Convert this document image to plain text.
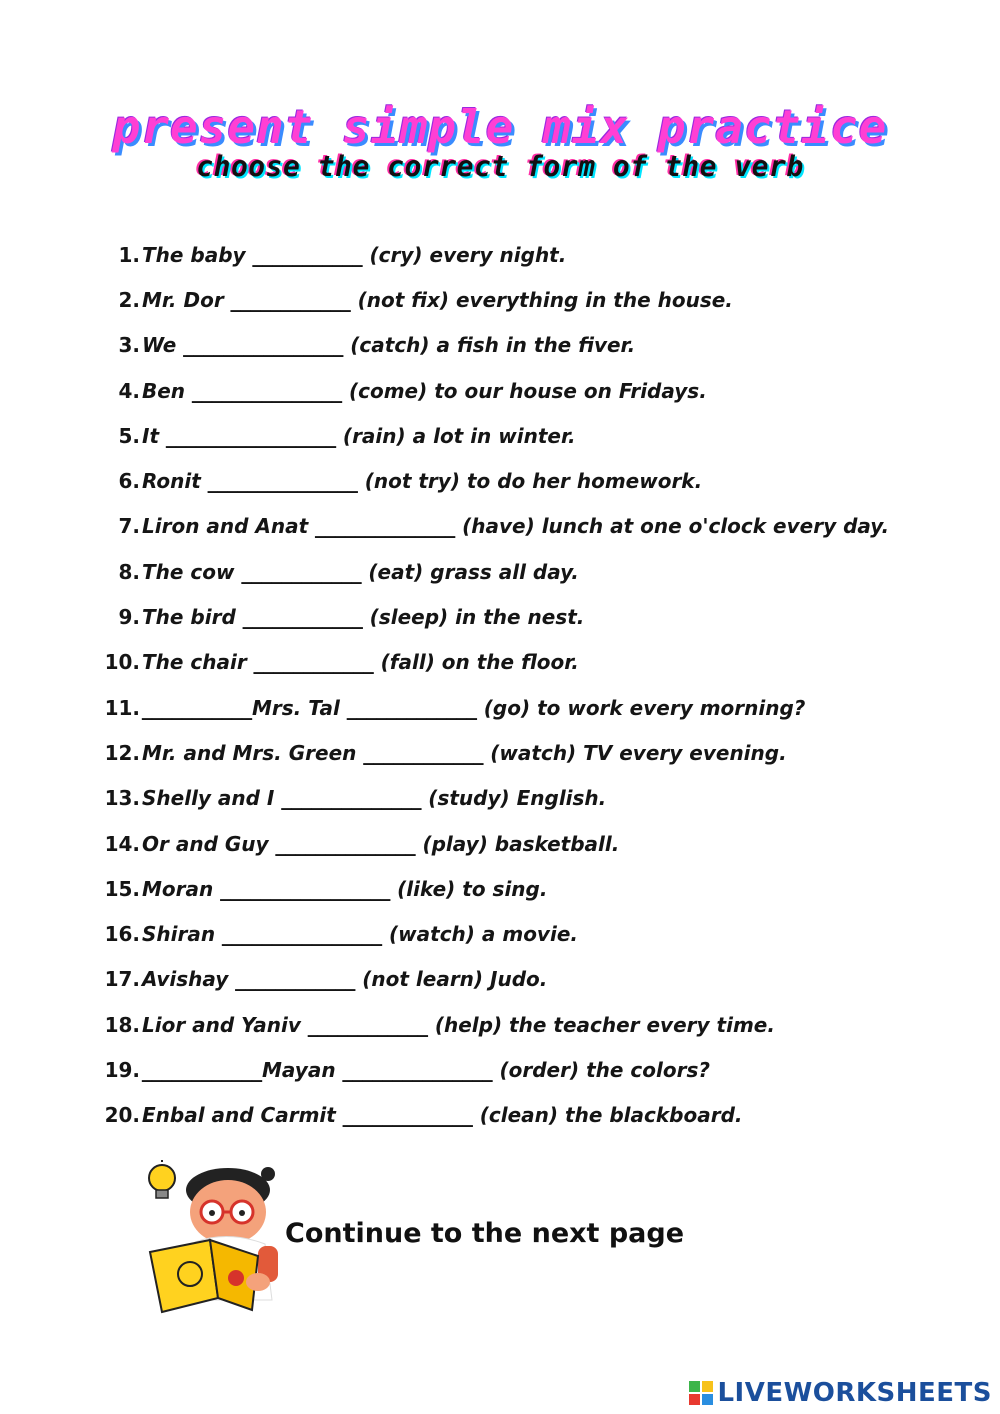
present simple mix practice
choose the correct form of the verb
1. The baby ___________ (cry) every night.
2. Mr. Dor ____________ (not fix) everything in the house.
3. We ________________ (catch) a fish in the fiver.
4. Ben _______________ (come) to our house on Fridays.
5. It _________________ (rain) a lot in winter.
6. Ronit _______________ (not try) to do her homework.
7. Liron and Anat ______________ (have) lunch at one o'clock every day.
8. The cow ____________ (eat) grass all day.
9. The bird ____________ (sleep) in the nest.
10. The chair ____________ (fall) on the floor.
11. ___________Mrs. Tal _____________ (go) to work every morning?
12. Mr. and Mrs. Green ____________ (watch) TV every evening.
13. Shelly and I ______________ (study) English.
14. Or and Guy ______________ (play) basketball.
15. Moran _________________ (like) to sing.
16. Shiran ________________ (watch) a movie.
17. Avishay ____________ (not learn) Judo.
18. Lior and Yaniv ____________ (help) the teacher every time.
19. ____________Mayan _______________ (order) the colors?
20. Enbal and Carmit _____________ (clean) the blackboard.

Continue to the next page

LIVEWORKSHEETS
